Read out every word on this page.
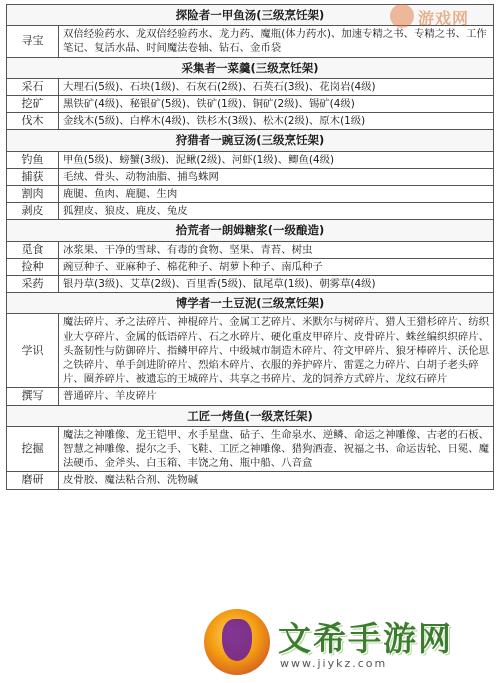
探险者一甲鱼汤(三级烹饪架)	
寻宝	双倍经验药水、龙双倍经验药水、龙力药、魔瓶(体力药水)、加速专精之书、专精之书、工作笔记、复活水晶、时间魔法卷轴、钻石、金币袋
采集者一菜羹(三级烹饪架)	
采石	大理石(5级)、石块(1级)、石灰石(2级)、石英石(3级)、花岗岩(4级)
挖矿	黑铁矿(4级)、秘银矿(5级)、铁矿(1级)、铜矿(2级)、锡矿(4级)
伐木	金线木(5级)、白桦木(4级)、铁杉木(3级)、松木(2级)、原木(1级)
狩猎者一豌豆汤(三级烹饪架)	
钓鱼	甲鱼(5级)、螃蟹(3级)、泥鳅(2级)、河虾(1级)、鲫鱼(4级)
捕获	毛绒、骨头、动物油脂、捕鸟蛛网
割肉	鹿腿、鱼肉、鹿腿、生肉
剥皮	狐狸皮、狼皮、鹿皮、兔皮
拾荒者一朗姆糖浆(一级酿造)	
觅食	冰浆果、干净的雪球、有毒的食物、坚果、青苔、树虫
捡种	豌豆种子、亚麻种子、棉花种子、胡萝卜种子、南瓜种子
采药	银丹草(3级)、艾草(2级)、百里香(5级)、鼠尾草(1级)、朝雾草(4级)
博学者一土豆泥(三级烹饪架)	
学识	魔法碎片、矛之法碎片、神棍碎片、金属工艺碎片、米默尔与树碎片、猎人王猎杉碎片、纺织业大亨碎片、金属的低语碎片、石之水碎片、硬化重皮甲碎片、皮骨碎片、蛛丝编织织碎片、头盔韧性与防御碎片、指鳞甲碎片、中级城市制造木碎片、符文甲碎片、狼牙棒碎片、沃伦思之铁碎片、单手剑进阶碎片、烈焰木碎片、衣服的养护碎片、雷霆之力碎片、白胡子老头碎片、圈养碎片、被遗忘的王城碎片、共享之书碎片、龙的饲养方式碎片、龙纹石碎片
撰写	普通碎片、羊皮碎片
工匠一烤鱼(一级烹饪架)	
挖掘	魔法之神雕像、龙王铠甲、水手星盘、砧子、生命泉水、逆鳞、命运之神雕像、古老的石板、智慧之神雕像、提尔之手、飞鞋、工匠之神雕像、猎狗酒壶、祝福之书、命运齿轮、日冕、魔法硬币、金斧头、白玉箱、丰饶之角、瓶中船、八音盒
磨研	皮骨胶、魔法粘合剂、洗物碱
游戏网
文希手游网
www.jiykz.com
